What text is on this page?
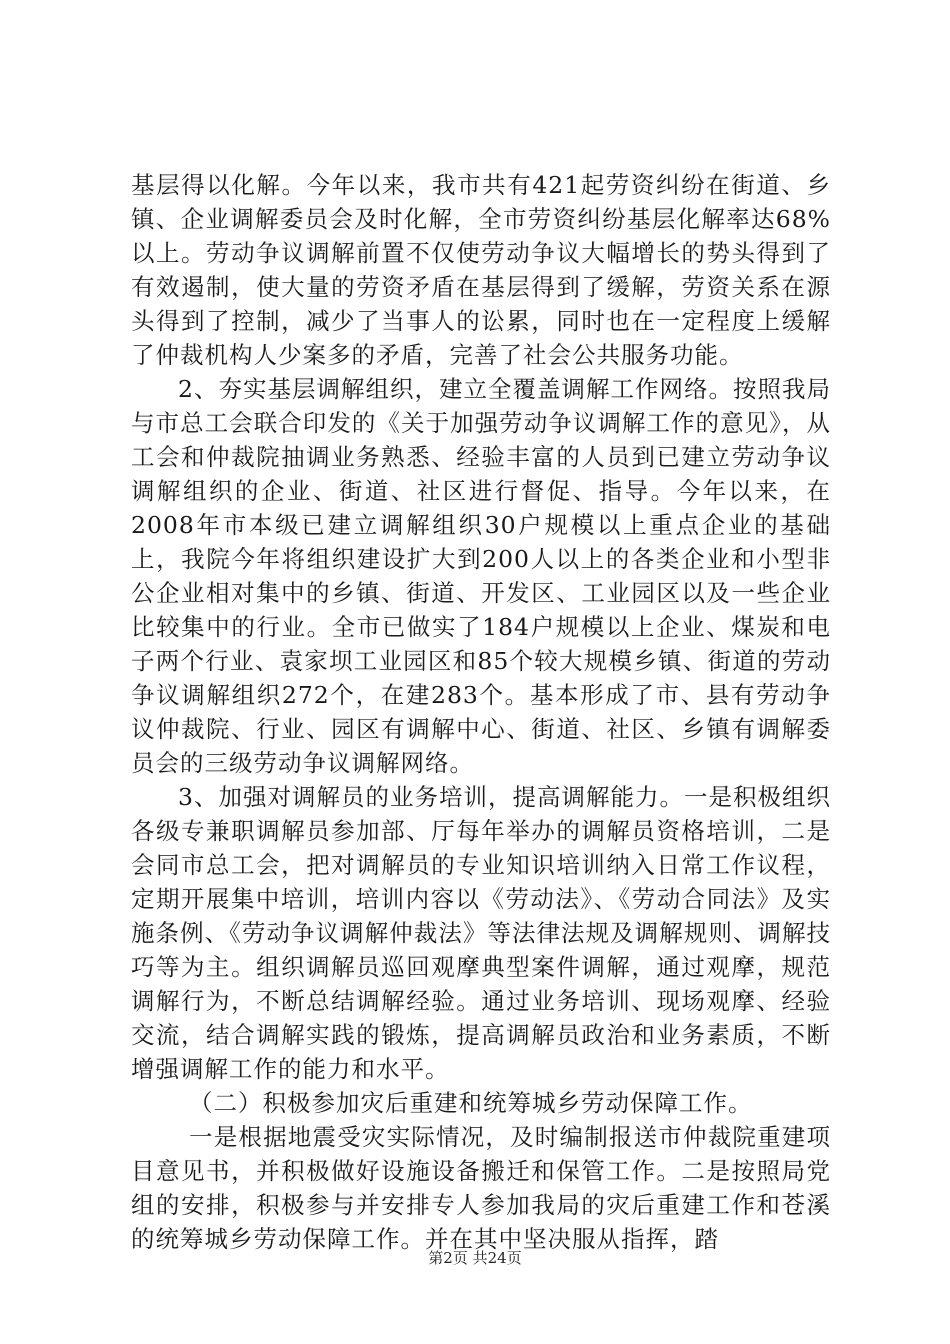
基层得以化解。今年以来，我市共有421起劳资纠纷在街道、乡镇、企业调解委员会及时化解，全市劳资纠纷基层化解率达68%以上。劳动争议调解前置不仅使劳动争议大幅增长的势头得到了有效遏制，使大量的劳资矛盾在基层得到了缓解，劳资关系在源头得到了控制，减少了当事人的讼累，同时也在一定程度上缓解了仲裁机构人少案多的矛盾，完善了社会公共服务功能。

2、夯实基层调解组织，建立全覆盖调解工作网络。按照我局与市总工会联合印发的《关于加强劳动争议调解工作的意见》，从工会和仲裁院抽调业务熟悉、经验丰富的人员到已建立劳动争议调解组织的企业、街道、社区进行督促、指导。今年以来，在2008年市本级已建立调解组织30户规模以上重点企业的基础上，我院今年将组织建设扩大到200人以上的各类企业和小型非公企业相对集中的乡镇、街道、开发区、工业园区以及一些企业比较集中的行业。全市已做实了184户规模以上企业、煤炭和电子两个行业、袁家坝工业园区和85个较大规模乡镇、街道的劳动争议调解组织272个，在建283个。基本形成了市、县有劳动争议仲裁院、行业、园区有调解中心、街道、社区、乡镇有调解委员会的三级劳动争议调解网络。

3、加强对调解员的业务培训，提高调解能力。一是积极组织各级专兼职调解员参加部、厅每年举办的调解员资格培训，二是会同市总工会，把对调解员的专业知识培训纳入日常工作议程，定期开展集中培训，培训内容以《劳动法》、《劳动合同法》及实施条例、《劳动争议调解仲裁法》等法律法规及调解规则、调解技巧等为主。组织调解员巡回观摩典型案件调解，通过观摩，规范调解行为，不断总结调解经验。通过业务培训、现场观摩、经验交流，结合调解实践的锻炼，提高调解员政治和业务素质，不断增强调解工作的能力和水平。

（二）积极参加灾后重建和统筹城乡劳动保障工作。

一是根据地震受灾实际情况，及时编制报送市仲裁院重建项目意见书，并积极做好设施设备搬迁和保管工作。二是按照局党组的安排，积极参与并安排专人参加我局的灾后重建工作和苍溪的统筹城乡劳动保障工作。并在其中坚决服从指挥，踏

第2页 共24页
